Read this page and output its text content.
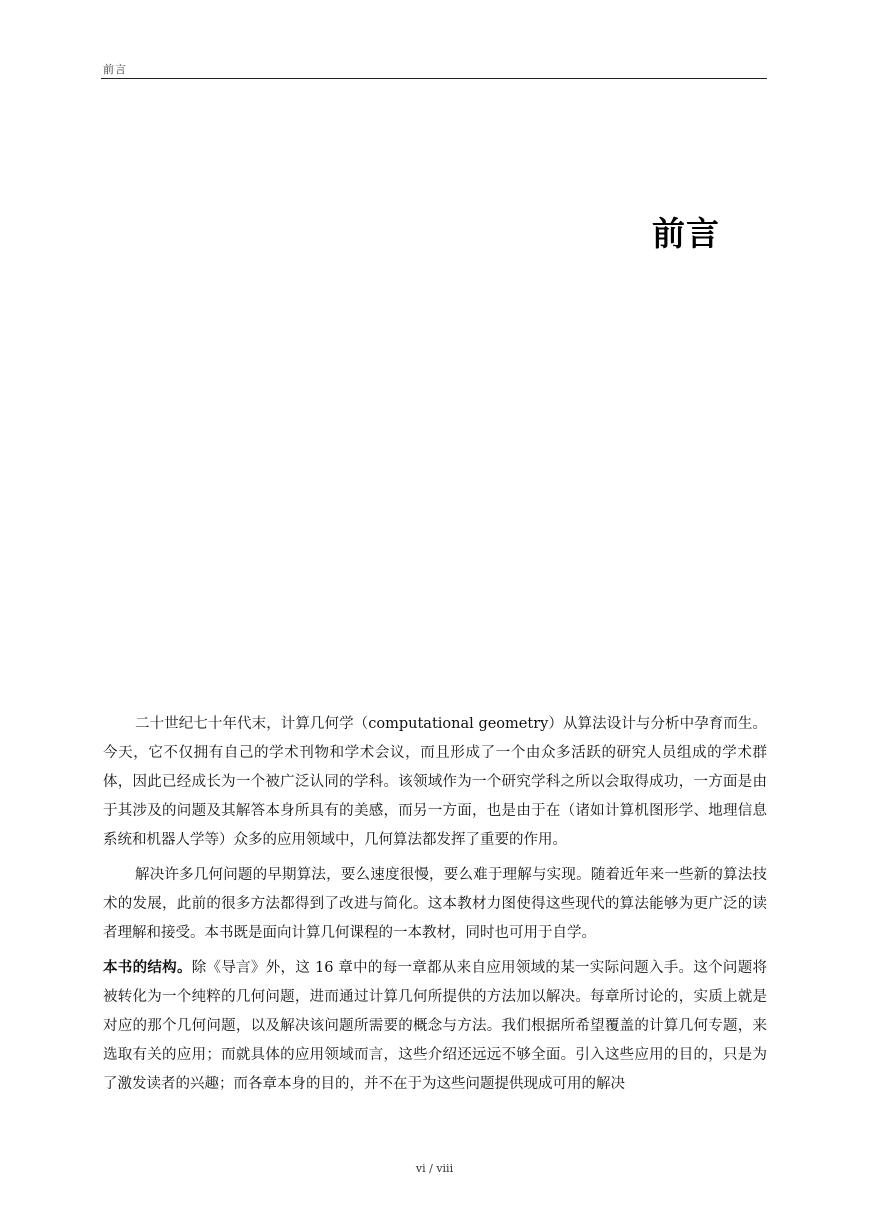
前言
前言

二十世纪七十年代末，计算几何学（computational geometry）从算法设计与分析中孕育而生。今天，它不仅拥有自己的学术刊物和学术会议，而且形成了一个由众多活跃的研究人员组成的学术群体，因此已经成长为一个被广泛认同的学科。该领域作为一个研究学科之所以会取得成功，一方面是由于其涉及的问题及其解答本身所具有的美感，而另一方面，也是由于在（诸如计算机图形学、地理信息系统和机器人学等）众多的应用领域中，几何算法都发挥了重要的作用。

解决许多几何问题的早期算法，要么速度很慢，要么难于理解与实现。随着近年来一些新的算法技术的发展，此前的很多方法都得到了改进与简化。这本教材力图使得这些现代的算法能够为更广泛的读者理解和接受。本书既是面向计算几何课程的一本教材，同时也可用于自学。

本书的结构。除《导言》外，这 16 章中的每一章都从来自应用领域的某一实际问题入手。这个问题将被转化为一个纯粹的几何问题，进而通过计算几何所提供的方法加以解决。每章所讨论的，实质上就是对应的那个几何问题，以及解决该问题所需要的概念与方法。我们根据所希望覆盖的计算几何专题，来选取有关的应用；而就具体的应用领域而言，这些介绍还远远不够全面。引入这些应用的目的，只是为了激发读者的兴趣；而各章本身的目的，并不在于为这些问题提供现成可用的解决

vi / viii
